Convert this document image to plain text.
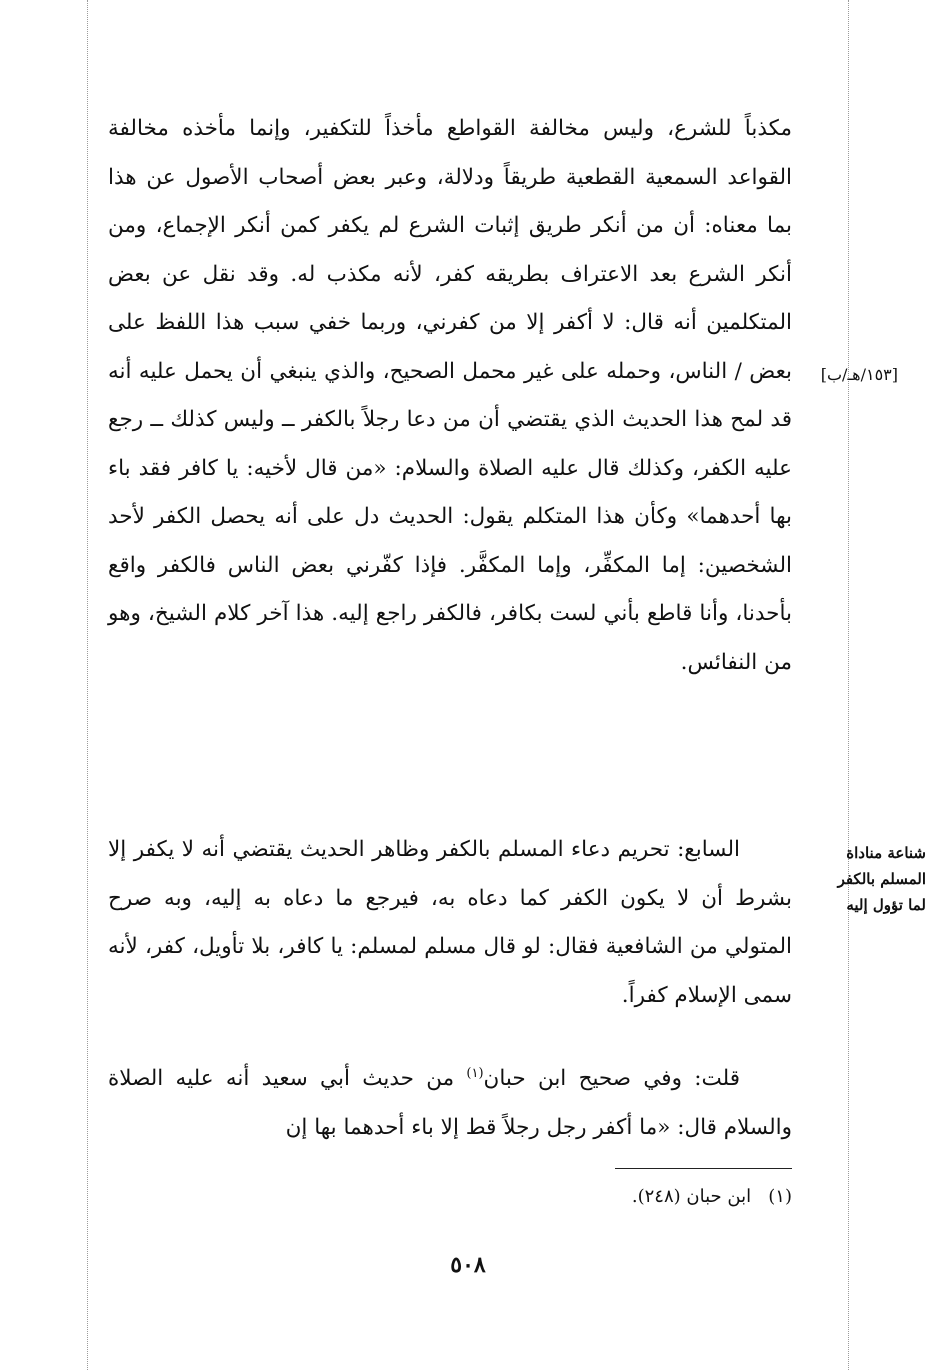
مكذباً للشرع، وليس مخالفة القواطع مأخذاً للتكفير، وإنما مأخذه مخالفة القواعد السمعية القطعية طريقاً ودلالة، وعبر بعض أصحاب الأصول عن هذا بما معناه: أن من أنكر طريق إثبات الشرع لم يكفر كمن أنكر الإجماع، ومن أنكر الشرع بعد الاعتراف بطريقه كفر، لأنه مكذب له. وقد نقل عن بعض المتكلمين أنه قال: لا أكفر إلا من كفرني، وربما خفي سبب هذا اللفظ على بعض / الناس، وحمله على غير محمل الصحيح، والذي ينبغي أن يحمل عليه أنه قد لمح هذا الحديث الذي يقتضي أن من دعا رجلاً بالكفر ــ وليس كذلك ــ رجع عليه الكفر، وكذلك قال عليه الصلاة والسلام: «من قال لأخيه: يا كافر فقد باء بها أحدهما» وكأن هذا المتكلم يقول: الحديث دل على أنه يحصل الكفر لأحد الشخصين: إما المكفِّر، وإما المكفَّر. فإذا كفّرني بعض الناس فالكفر واقع بأحدنا، وأنا قاطع بأني لست بكافر، فالكفر راجع إليه. هذا آخر كلام الشيخ، وهو من النفائس.

[١٥٣/هـ/ب]
شناعة مناداة
المسلم بالكفر
لما تؤول إليه

السابع: تحريم دعاء المسلم بالكفر وظاهر الحديث يقتضي أنه لا يكفر إلا بشرط أن لا يكون الكفر كما دعاه به، فيرجع ما دعاه به إليه، وبه صرح المتولي من الشافعية فقال: لو قال مسلم لمسلم: يا كافر، بلا تأويل، كفر، لأنه سمى الإسلام كفراً.

قلت: وفي صحيح ابن حبان$^{(١)}$ من حديث أبي سعيد أنه عليه الصلاة والسلام قال: «ما أكفر رجل رجلاً قط إلا باء أحدهما بها إن

(١)   ابن حبان (٢٤٨).

٥٠٨
